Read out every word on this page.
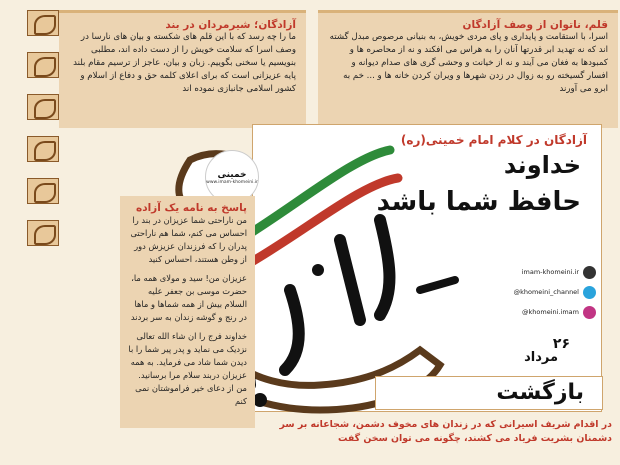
آزادگان؛ شیرمردان در بند
ما را چه رسد که با این قلم های شکسته و بیان های نارسا در وصف اسرا که سلامت خویش را از دست داده اند، مطلبی بنویسیم یا سخنی بگوییم. زبان و بیان، عاجز از ترسیم مقام بلند پایه عزیزانی است که برای اعلای کلمه حق و دفاع از اسلام و کشور اسلامی جانبازی نموده اند
قلم، ناتوان از وصف آزادگان
اسرا، با استقامت و پایداری و پای مردی خویش، به بنیانی مرصوص مبدل گشته اند که نه تهدید ابر قدرتها آنان را به هراس می افکند و نه از محاصره ها و کمبودها به فغان می آیند و نه از خیانت و وحشی گری های صدام دیوانه و افسار گسیخته رو به زوال در زدن شهرها و ویران کردن خانه ها و ... خم به ابرو می آورند
آزادگان در کلام امام خمینی(ره)
خداوند
حافظ شما باشد
خمینی
www.imam-khomeini.ir
پاسخ به نامه یک آزاده

من ناراحتی شما عزیزان در بند را احساس می کنم، شما هم ناراحتی پدران را که فرزندان عزیزش دور از وطن هستند، احساس کنید

عزیزان من! سید و مولای همه ما، حضرت موسی بن جعفر علیه السلام بیش از همه شماها و ماها در رنج و گوشه زندان به سر بردند

خداوند فرج را ان شاء الله تعالی نزدیک می نماید و پدر پیر شما را با دیدن شما شاد می فرماید. به همه عزیزان دربند سلام مرا برسانید. من از دعای خیر فراموشتان نمی کنم

imam-khomeini.ir
@khomeini_channel
@khomeini.imam
۲۶
مرداد
بازگشت
در اقدام شریف اسیرانی که در زندان های مخوف دشمن، شجاعانه بر سر دشمنان بشریت فریاد می کشند، چگونه می توان سخن گفت
